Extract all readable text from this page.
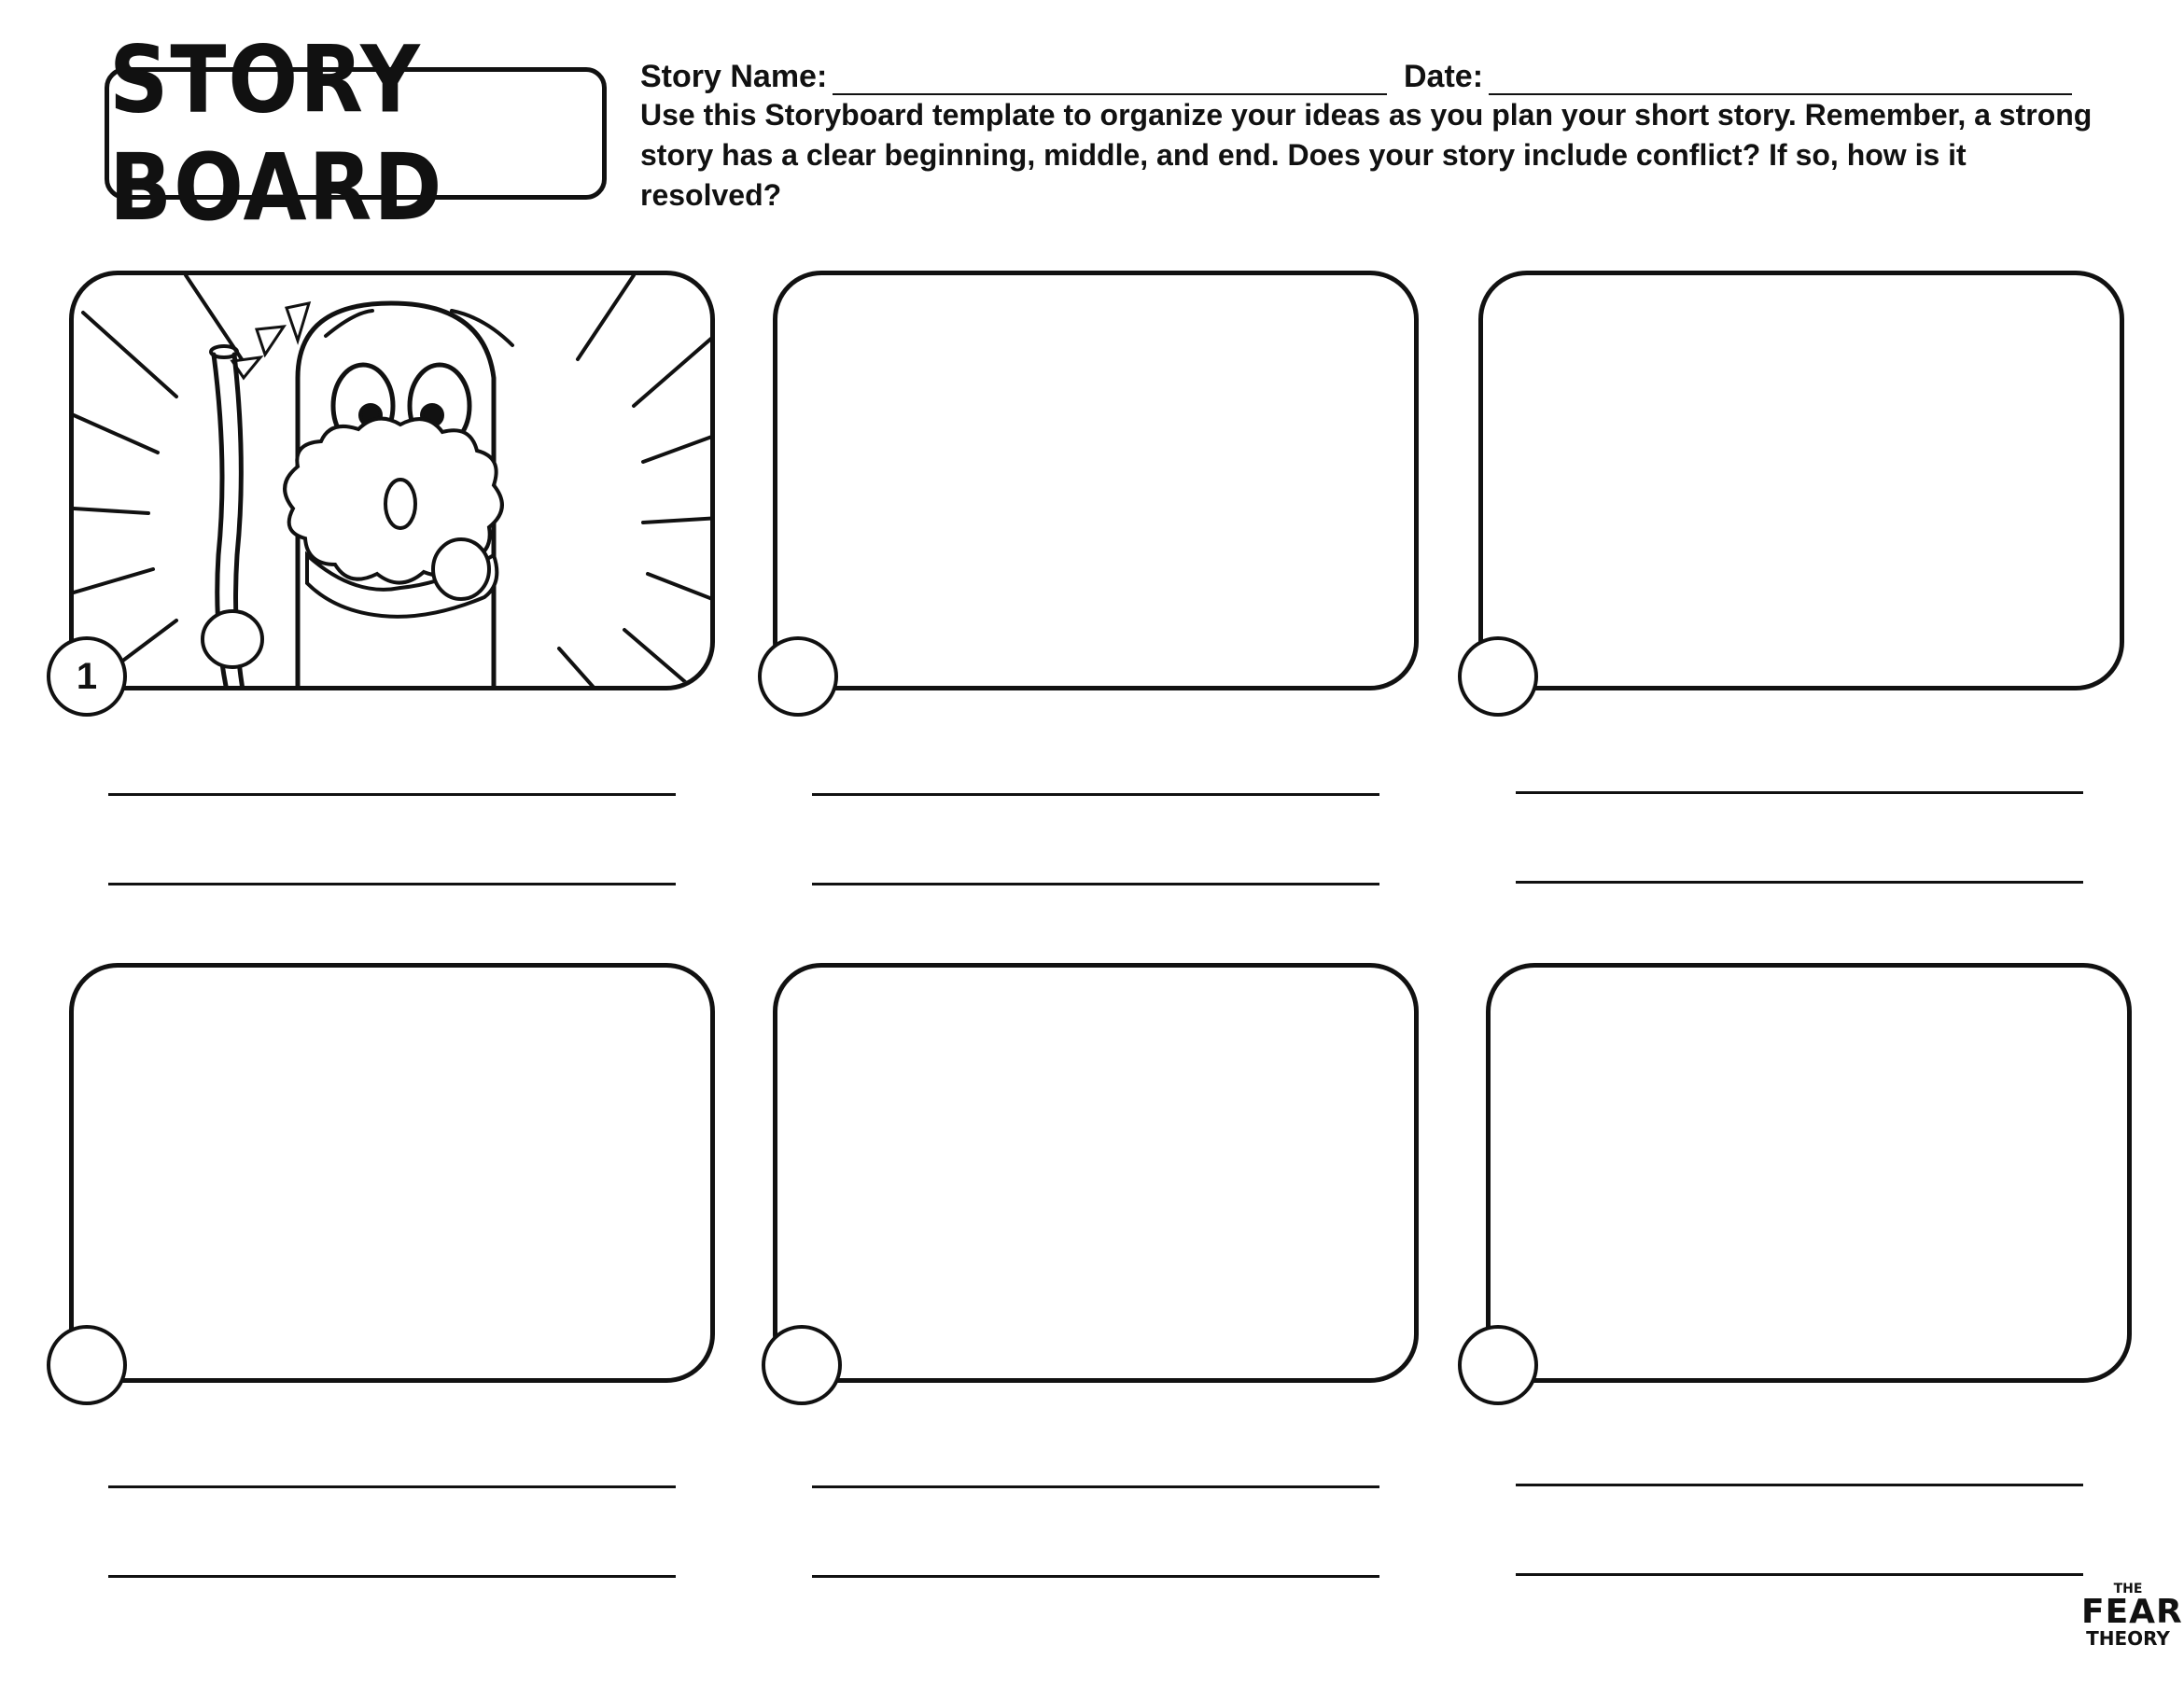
STORY BOARD
Story Name:	Date:
Use this Storyboard template to organize your ideas as you plan your short story. Remember, a strong story has a clear beginning, middle, and end. Does your story include conflict? If so, how is it resolved?
1
THE
FEAR
THEORY
